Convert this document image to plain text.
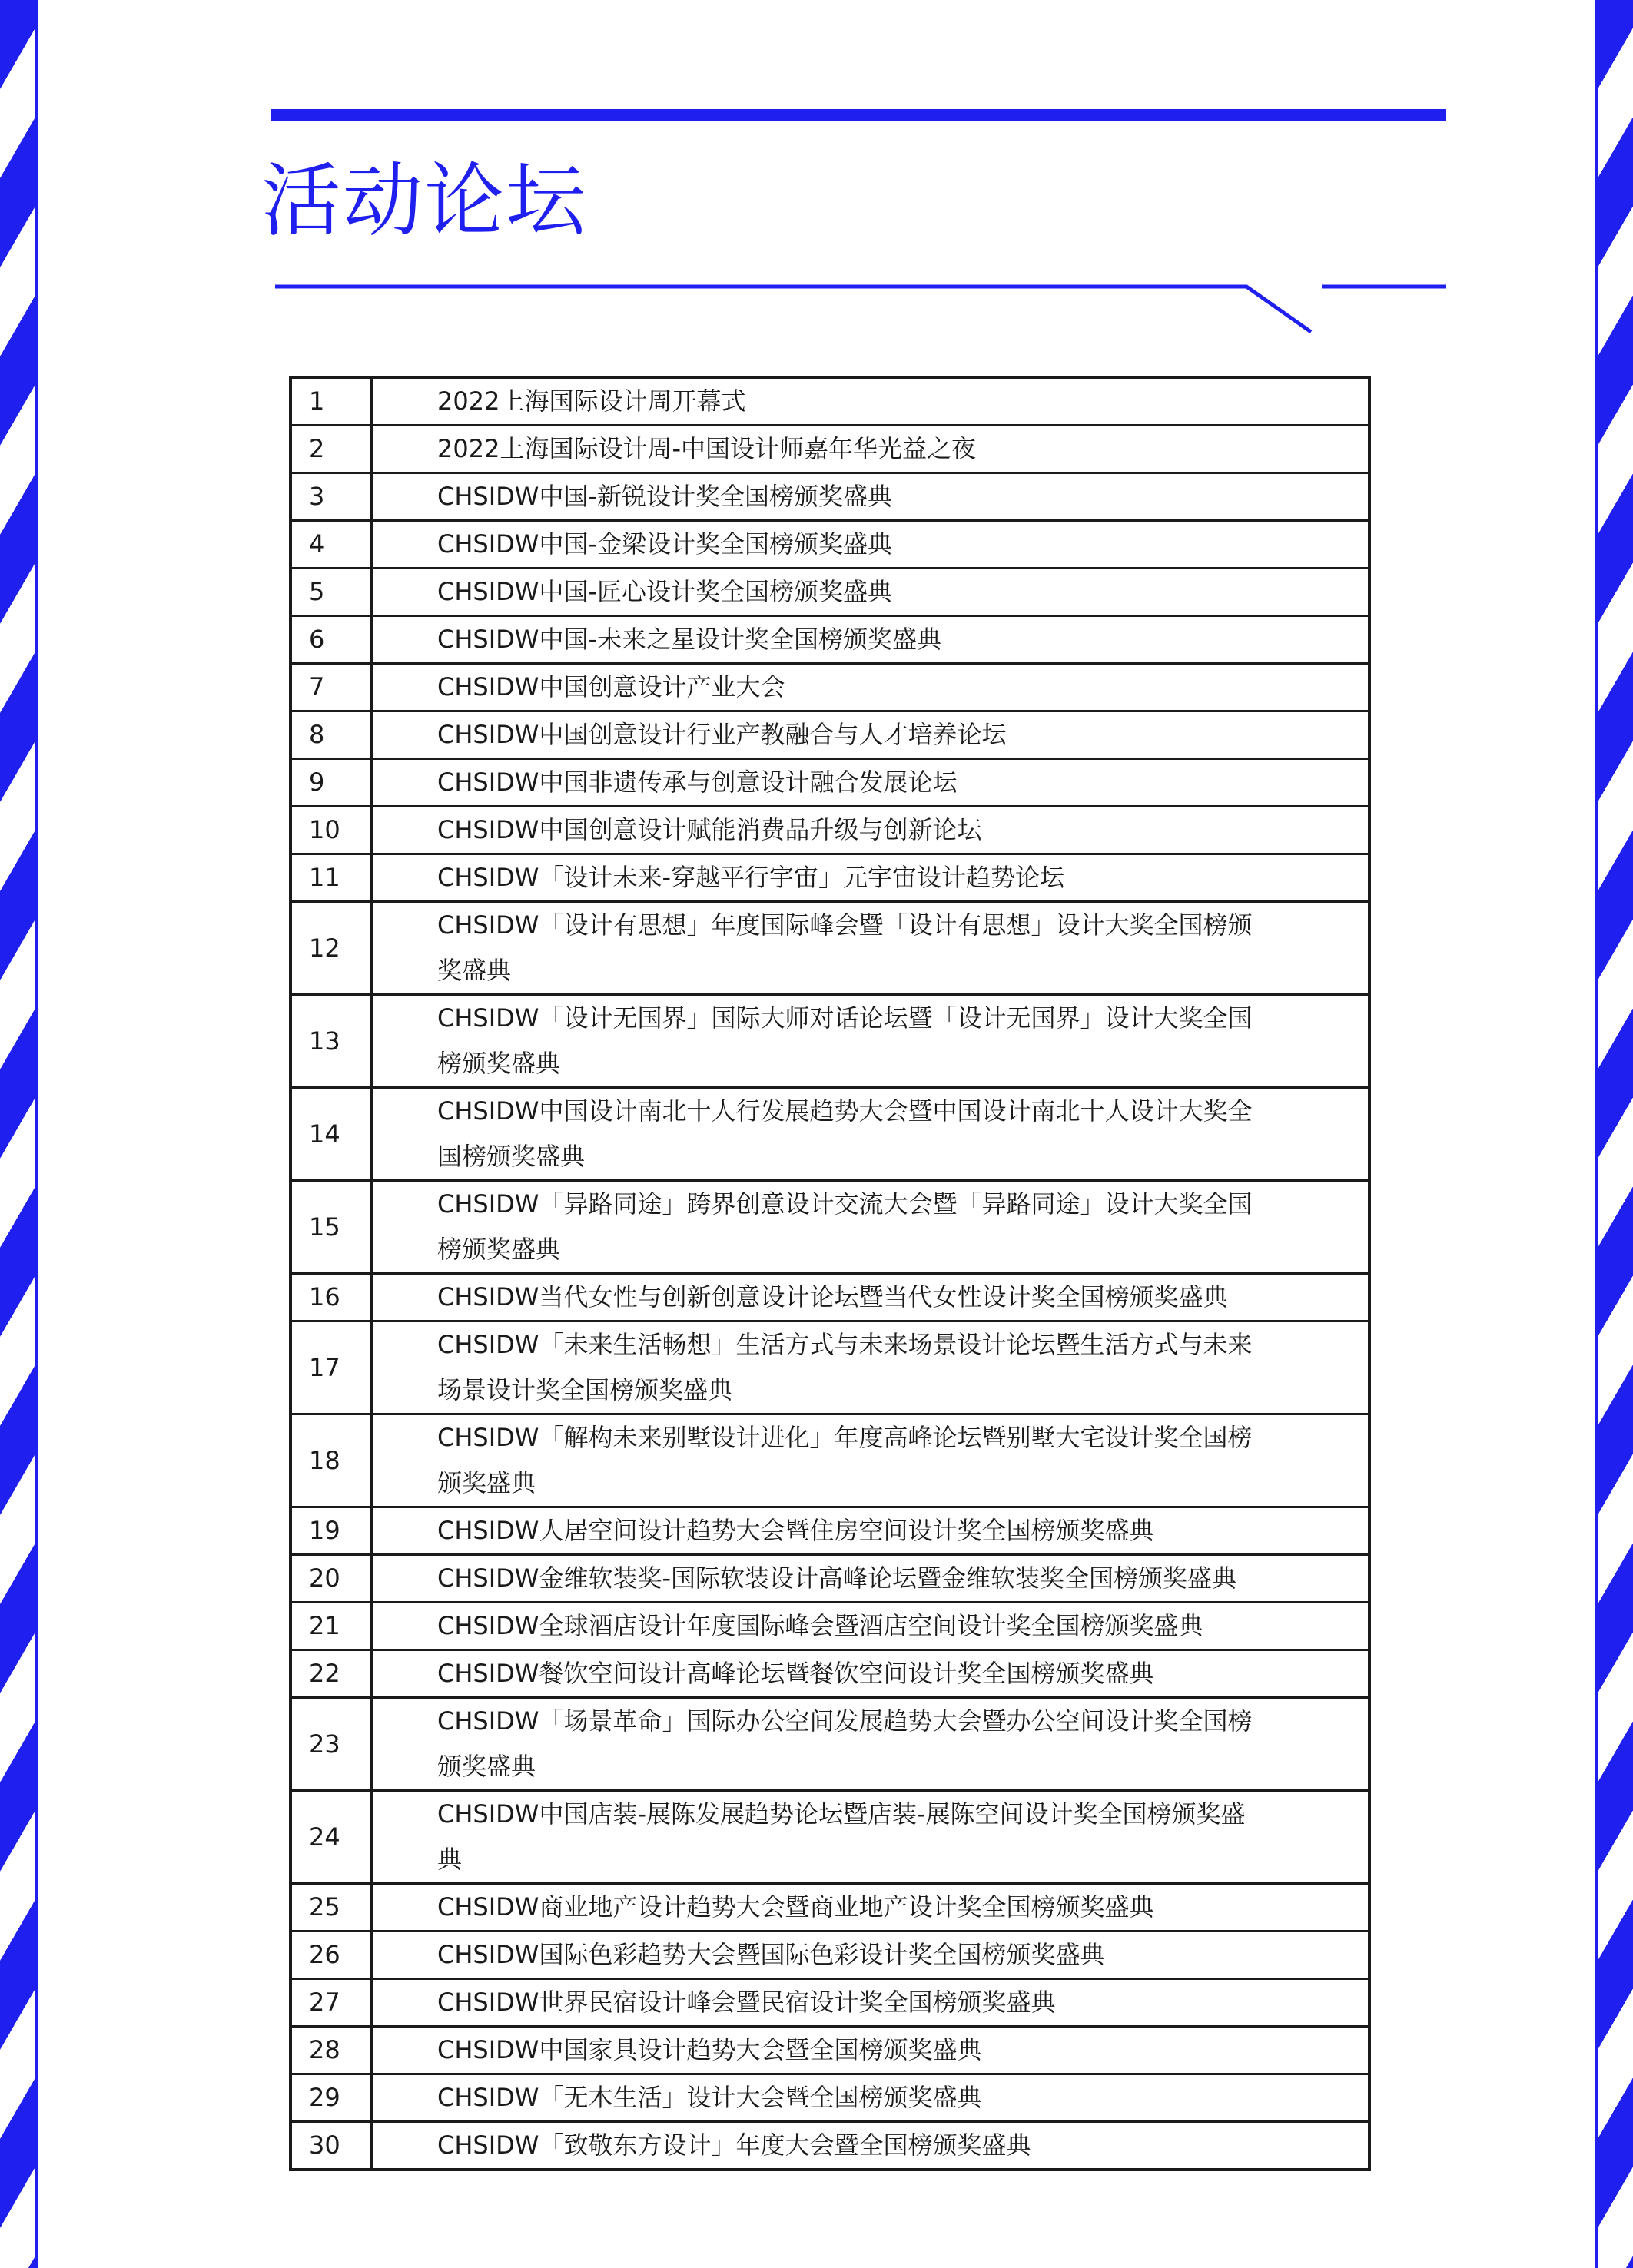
活动论坛
1	2022上海国际设计周开幕式
2	2022上海国际设计周-中国设计师嘉年华光益之夜
3	CHSIDW中国-新锐设计奖全国榜颁奖盛典
4	CHSIDW中国-金梁设计奖全国榜颁奖盛典
5	CHSIDW中国-匠心设计奖全国榜颁奖盛典
6	CHSIDW中国-未来之星设计奖全国榜颁奖盛典
7	CHSIDW中国创意设计产业大会
8	CHSIDW中国创意设计行业产教融合与人才培养论坛
9	CHSIDW中国非遗传承与创意设计融合发展论坛
10	CHSIDW中国创意设计赋能消费品升级与创新论坛
11	CHSIDW「设计未来-穿越平行宇宙」元宇宙设计趋势论坛
12	CHSIDW「设计有思想」年度国际峰会暨「设计有思想」设计大奖全国榜颁奖盛典
13	CHSIDW「设计无国界」国际大师对话论坛暨「设计无国界」设计大奖全国榜颁奖盛典
14	CHSIDW中国设计南北十人行发展趋势大会暨中国设计南北十人设计大奖全国榜颁奖盛典
15	CHSIDW「异路同途」跨界创意设计交流大会暨「异路同途」设计大奖全国榜颁奖盛典
16	CHSIDW当代女性与创新创意设计论坛暨当代女性设计奖全国榜颁奖盛典
17	CHSIDW「未来生活畅想」生活方式与未来场景设计论坛暨生活方式与未来场景设计奖全国榜颁奖盛典
18	CHSIDW「解构未来别墅设计进化」年度高峰论坛暨别墅大宅设计奖全国榜颁奖盛典
19	CHSIDW人居空间设计趋势大会暨住房空间设计奖全国榜颁奖盛典
20	CHSIDW金维软装奖-国际软装设计高峰论坛暨金维软装奖全国榜颁奖盛典
21	CHSIDW全球酒店设计年度国际峰会暨酒店空间设计奖全国榜颁奖盛典
22	CHSIDW餐饮空间设计高峰论坛暨餐饮空间设计奖全国榜颁奖盛典
23	CHSIDW「场景革命」国际办公空间发展趋势大会暨办公空间设计奖全国榜颁奖盛典
24	CHSIDW中国店装-展陈发展趋势论坛暨店装-展陈空间设计奖全国榜颁奖盛典
25	CHSIDW商业地产设计趋势大会暨商业地产设计奖全国榜颁奖盛典
26	CHSIDW国际色彩趋势大会暨国际色彩设计奖全国榜颁奖盛典
27	CHSIDW世界民宿设计峰会暨民宿设计奖全国榜颁奖盛典
28	CHSIDW中国家具设计趋势大会暨全国榜颁奖盛典
29	CHSIDW「无木生活」设计大会暨全国榜颁奖盛典
30	CHSIDW「致敬东方设计」年度大会暨全国榜颁奖盛典
